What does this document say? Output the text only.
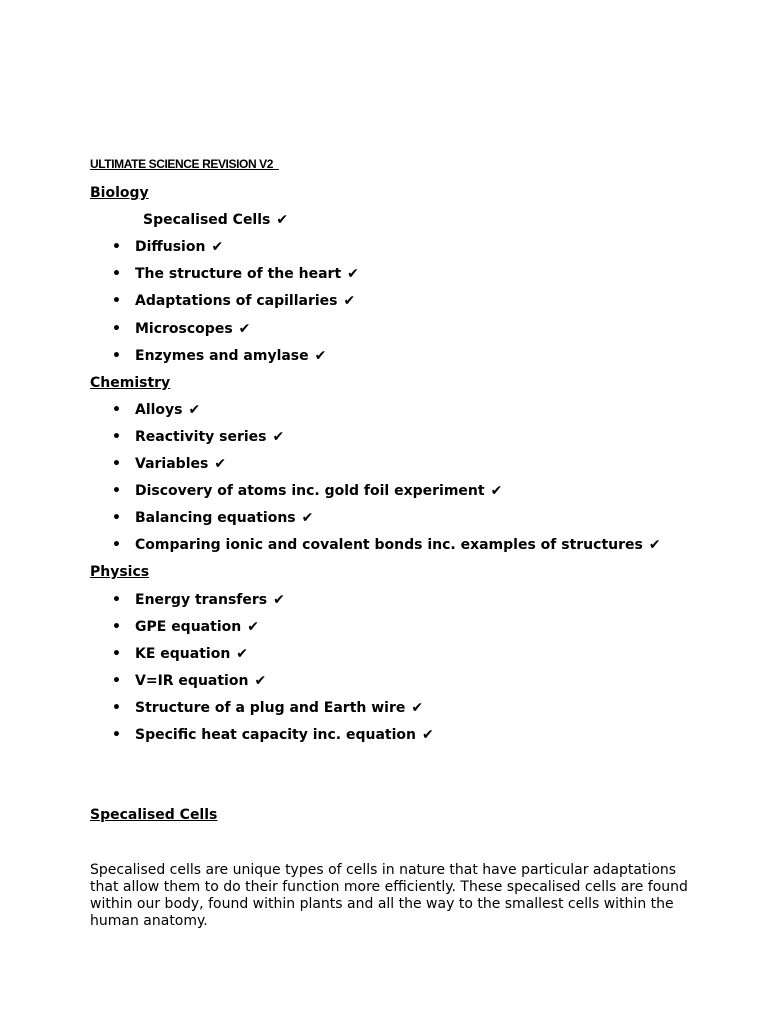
ULTIMATE SCIENCE REVISION V2
Biology
Specalised Cells ✔
• Diffusion ✔
• The structure of the heart ✔
• Adaptations of capillaries ✔
• Microscopes ✔
• Enzymes and amylase ✔
Chemistry
• Alloys ✔
• Reactivity series ✔
• Variables ✔
• Discovery of atoms inc. gold foil experiment ✔
• Balancing equations ✔
• Comparing ionic and covalent bonds inc. examples of structures ✔
Physics
• Energy transfers ✔
• GPE equation ✔
• KE equation ✔
• V=IR equation ✔
• Structure of a plug and Earth wire ✔
• Specific heat capacity inc. equation ✔
Specalised Cells
Specalised cells are unique types of cells in nature that have particular adaptations that allow them to do their function more efficiently. These specalised cells are found within our body, found within plants and all the way to the smallest cells within the human anatomy.
